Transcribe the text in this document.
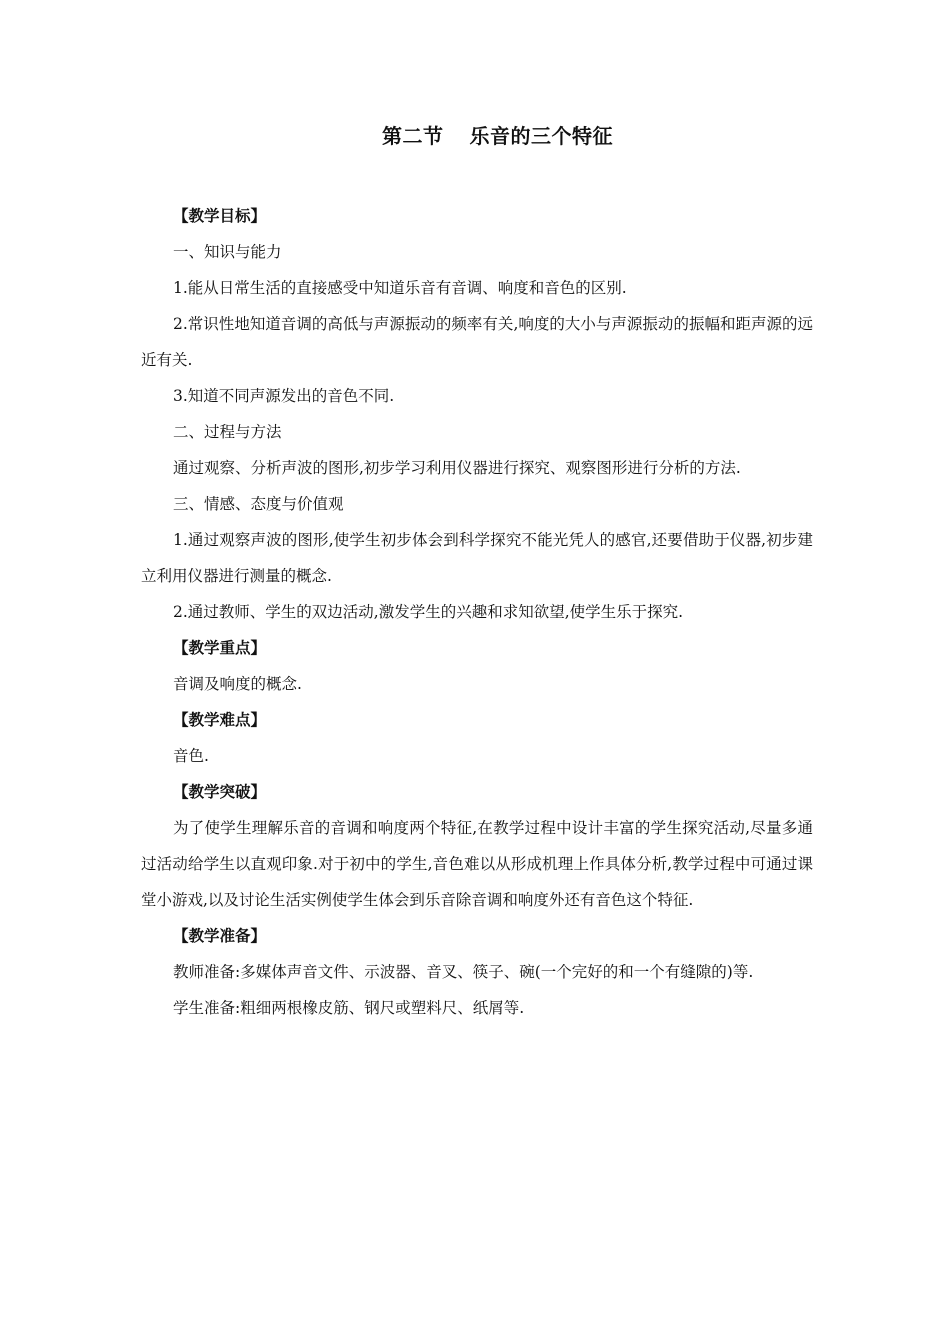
第二节 乐音的三个特征

【教学目标】

一、知识与能力

1.能从日常生活的直接感受中知道乐音有音调、响度和音色的区别.

2.常识性地知道音调的高低与声源振动的频率有关,响度的大小与声源振动的振幅和距声源的远近有关.

3.知道不同声源发出的音色不同.

二、过程与方法

通过观察、分析声波的图形,初步学习利用仪器进行探究、观察图形进行分析的方法.

三、情感、态度与价值观

1.通过观察声波的图形,使学生初步体会到科学探究不能光凭人的感官,还要借助于仪器,初步建立利用仪器进行测量的概念.

2.通过教师、学生的双边活动,激发学生的兴趣和求知欲望,使学生乐于探究.

【教学重点】

音调及响度的概念.

【教学难点】

音色.

【教学突破】

为了使学生理解乐音的音调和响度两个特征,在教学过程中设计丰富的学生探究活动,尽量多通过活动给学生以直观印象.对于初中的学生,音色难以从形成机理上作具体分析,教学过程中可通过课堂小游戏,以及讨论生活实例使学生体会到乐音除音调和响度外还有音色这个特征.

【教学准备】

教师准备:多媒体声音文件、示波器、音叉、筷子、碗(一个完好的和一个有缝隙的)等.

学生准备:粗细两根橡皮筋、钢尺或塑料尺、纸屑等.
